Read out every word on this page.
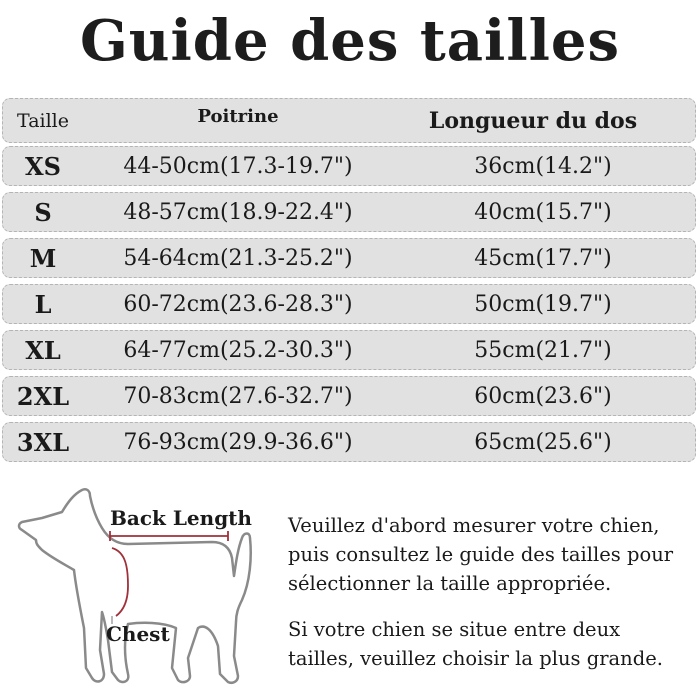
Guide des tailles
Taille	Poitrine	Longueur du dos
XS	44-50cm(17.3-19.7")	36cm(14.2")
S	48-57cm(18.9-22.4")	40cm(15.7")
M	54-64cm(21.3-25.2")	45cm(17.7")
L	60-72cm(23.6-28.3")	50cm(19.7")
XL	64-77cm(25.2-30.3")	55cm(21.7")
2XL	70-83cm(27.6-32.7")	60cm(23.6")
3XL	76-93cm(29.9-36.6")	65cm(25.6")
Back Length
Chest
Veuillez d'abord mesurer votre chien,
puis consultez le guide des tailles pour
sélectionner la taille appropriée.
Si votre chien se situe entre deux
tailles, veuillez choisir la plus grande.
